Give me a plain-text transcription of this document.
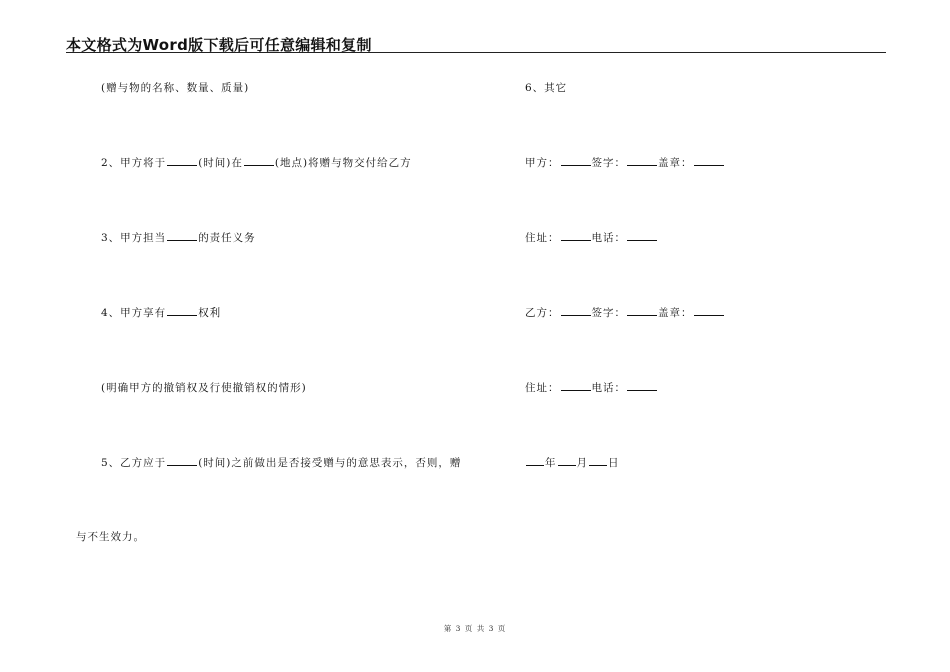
本文格式为Word版下载后可任意编辑和复制
(赠与物的名称、数量、质量)
2、甲方将于	(时间)在	(地点)将赠与物交付给乙方
3、甲方担当	的责任义务
4、甲方享有	权利
(明确甲方的撤销权及行使撤销权的情形)
5、乙方应于	(时间)之前做出是否接受赠与的意思表示，否则，赠
与不生效力。
6、其它
甲方：	签字：	盖章：
住址：	电话：
乙方：	签字：	盖章：
住址：	电话：
年 月 日
第 3 页 共 3 页
